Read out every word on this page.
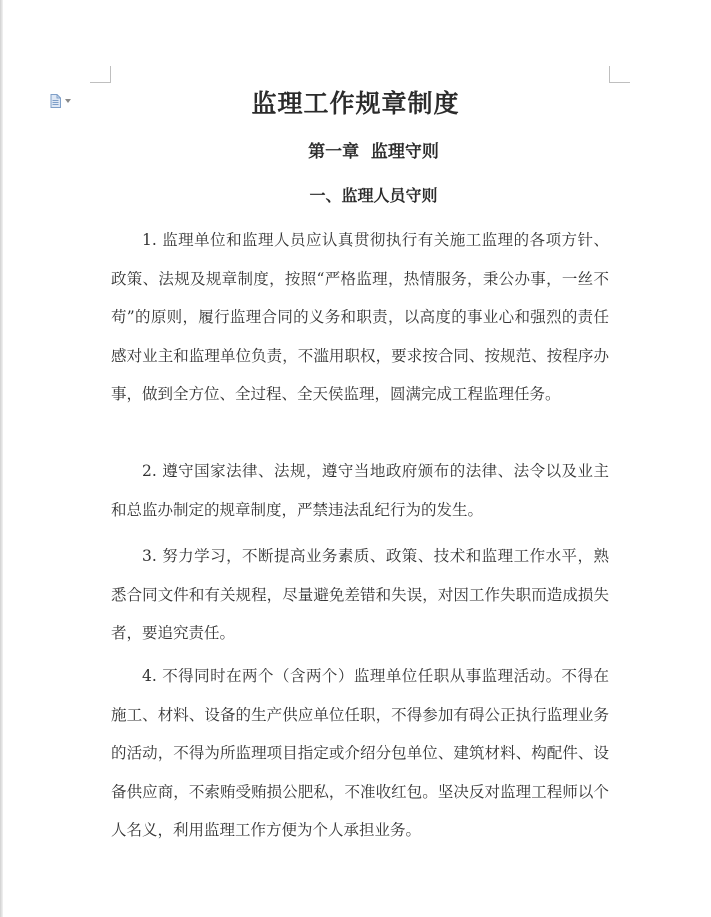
监理工作规章制度
第一章  监理守则
一、监理人员守则

1. 监理单位和监理人员应认真贯彻执行有关施工监理的各项方针、政策、法规及规章制度，按照“严格监理，热情服务，秉公办事，一丝不苟”的原则，履行监理合同的义务和职责，以高度的事业心和强烈的责任感对业主和监理单位负责，不滥用职权，要求按合同、按规范、按程序办事，做到全方位、全过程、全天侯监理，圆满完成工程监理任务。

2. 遵守国家法律、法规，遵守当地政府颁布的法律、法令以及业主和总监办制定的规章制度，严禁违法乱纪行为的发生。

3. 努力学习，不断提高业务素质、政策、技术和监理工作水平，熟悉合同文件和有关规程，尽量避免差错和失误，对因工作失职而造成损失者，要追究责任。

4. 不得同时在两个（含两个）监理单位任职从事监理活动。不得在施工、材料、设备的生产供应单位任职，不得参加有碍公正执行监理业务的活动，不得为所监理项目指定或介绍分包单位、建筑材料、构配件、设备供应商，不索贿受贿损公肥私，不准收红包。坚决反对监理工程师以个人名义，利用监理工作方便为个人承担业务。
